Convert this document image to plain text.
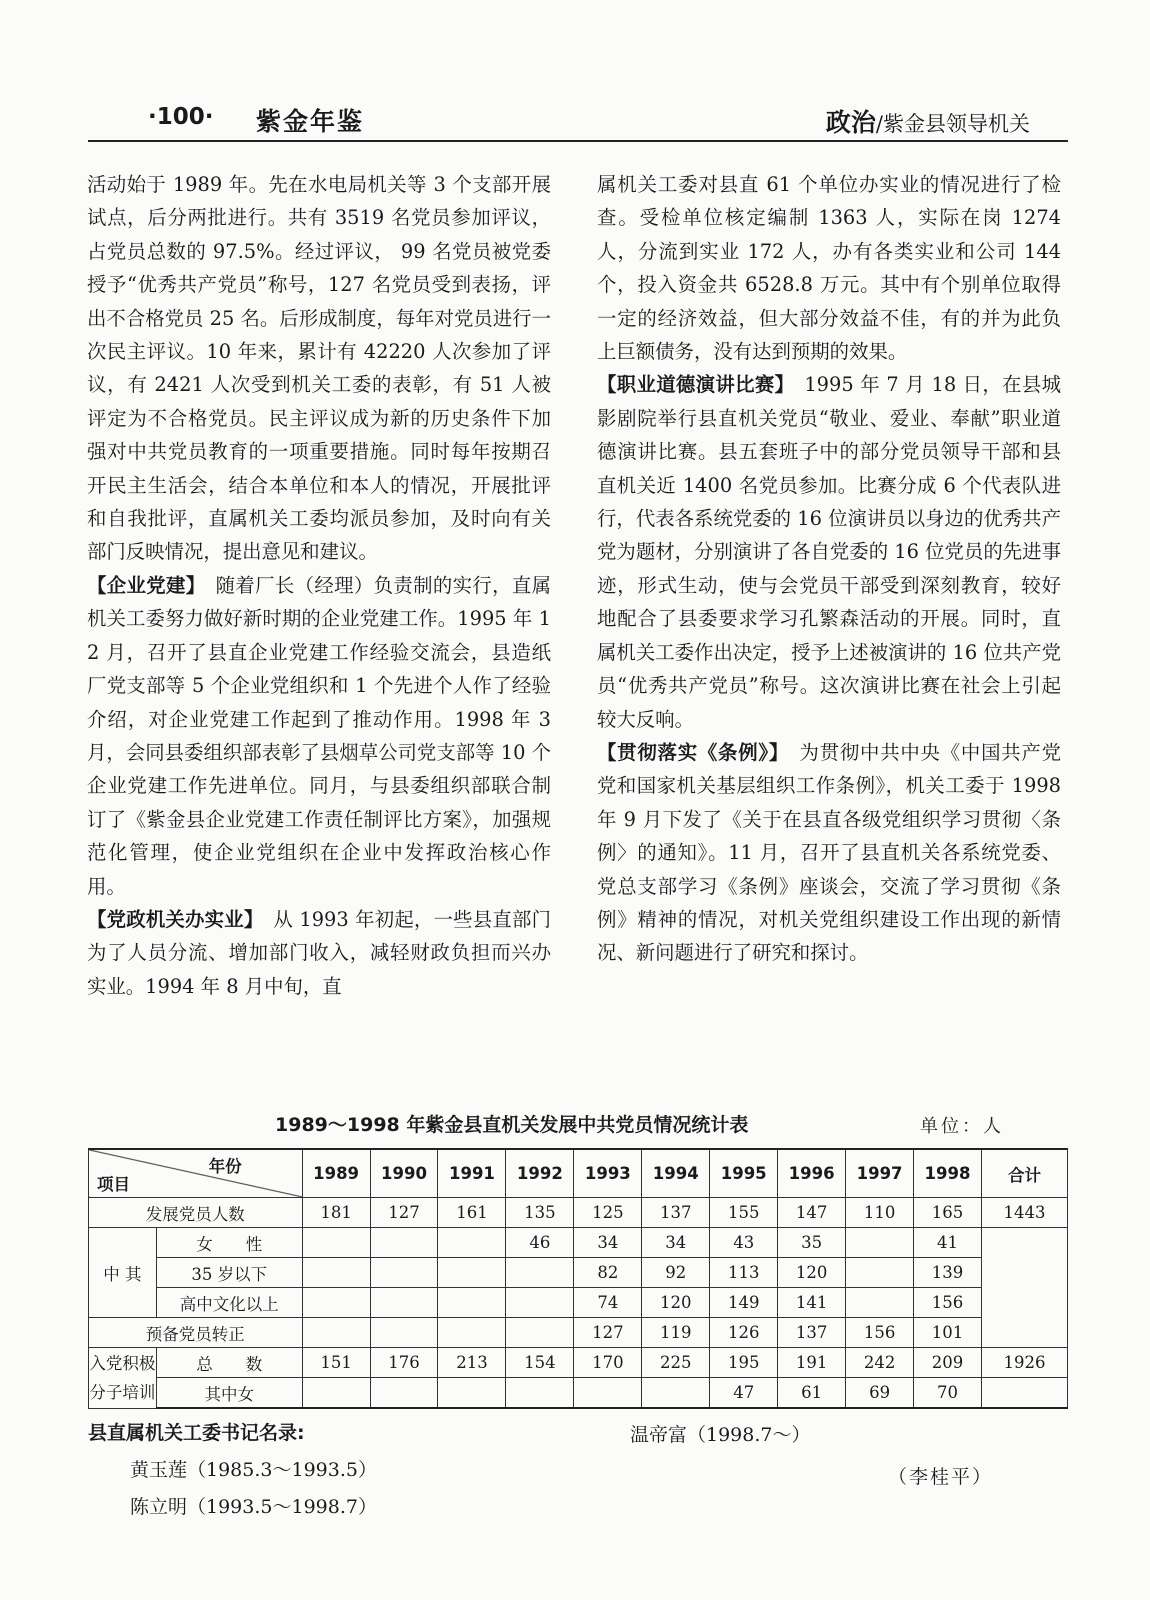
·100· 紫金年鉴	政治/紫金县领导机关

活动始于 1989 年。先在水电局机关等 3 个支部开展试点，后分两批进行。共有 3519 名党员参加评议，占党员总数的 97.5%。经过评议， 99 名党员被党委授予“优秀共产党员”称号，127 名党员受到表扬，评出不合格党员 25 名。后形成制度，每年对党员进行一次民主评议。10 年来，累计有 42220 人次参加了评议，有 2421 人次受到机关工委的表彰，有 51 人被评定为不合格党员。民主评议成为新的历史条件下加强对中共党员教育的一项重要措施。同时每年按期召开民主生活会，结合本单位和本人的情况，开展批评和自我批评，直属机关工委均派员参加，及时向有关部门反映情况，提出意见和建议。

【企业党建】　随着厂长（经理）负责制的实行，直属机关工委努力做好新时期的企业党建工作。1995 年 12 月，召开了县直企业党建工作经验交流会，县造纸厂党支部等 5 个企业党组织和 1 个先进个人作了经验介绍，对企业党建工作起到了推动作用。1998 年 3 月，会同县委组织部表彰了县烟草公司党支部等 10 个企业党建工作先进单位。同月，与县委组织部联合制订了《紫金县企业党建工作责任制评比方案》，加强规范化管理，使企业党组织在企业中发挥政治核心作用。

【党政机关办实业】　从 1993 年初起，一些县直部门为了人员分流、增加部门收入，减轻财政负担而兴办实业。1994 年 8 月中旬，直

属机关工委对县直 61 个单位办实业的情况进行了检查。受检单位核定编制 1363 人，实际在岗 1274 人，分流到实业 172 人，办有各类实业和公司 144 个，投入资金共 6528.8 万元。其中有个别单位取得一定的经济效益，但大部分效益不佳，有的并为此负上巨额债务，没有达到预期的效果。

【职业道德演讲比赛】　1995 年 7 月 18 日，在县城影剧院举行县直机关党员“敬业、爱业、奉献”职业道德演讲比赛。县五套班子中的部分党员领导干部和县直机关近 1400 名党员参加。比赛分成 6 个代表队进行，代表各系统党委的 16 位演讲员以身边的优秀共产党为题材，分别演讲了各自党委的 16 位党员的先进事迹，形式生动，使与会党员干部受到深刻教育，较好地配合了县委要求学习孔繁森活动的开展。同时，直属机关工委作出决定，授予上述被演讲的 16 位共产党员“优秀共产党员”称号。这次演讲比赛在社会上引起较大反响。

【贯彻落实《条例》】　为贯彻中共中央《中国共产党党和国家机关基层组织工作条例》，机关工委于 1998 年 9 月下发了《关于在县直各级党组织学习贯彻〈条例〉的通知》。11 月，召开了县直机关各系统党委、党总支部学习《条例》座谈会，交流了学习贯彻《条例》精神的情况，对机关党组织建设工作出现的新情况、新问题进行了研究和探讨。

1989～1998 年紫金县直机关发展中共党员情况统计表	单位：人
年份
项目		1989	1990	1991	1992	1993	1994	1995	1996	1997	1998	合计
发展党员人数		181	127	161	135	125	137	155	147	110	165	1443
中 其	女　　性				46	34	34	43	35		41	
	35 岁以下					82	92	113	120		139	
	高中文化以上					74	120	149	141		156	
预备党员转正						127	119	126	137	156	101	
入党积极
分子培训	总　　数	151	176	213	154	170	225	195	191	242	209	1926
	其中女							47	61	69	70	
县直属机关工委书记名录:
黄玉莲（1985.3～1993.5）
陈立明（1993.5～1998.7）
温帝富（1998.7～）
（李桂平）
